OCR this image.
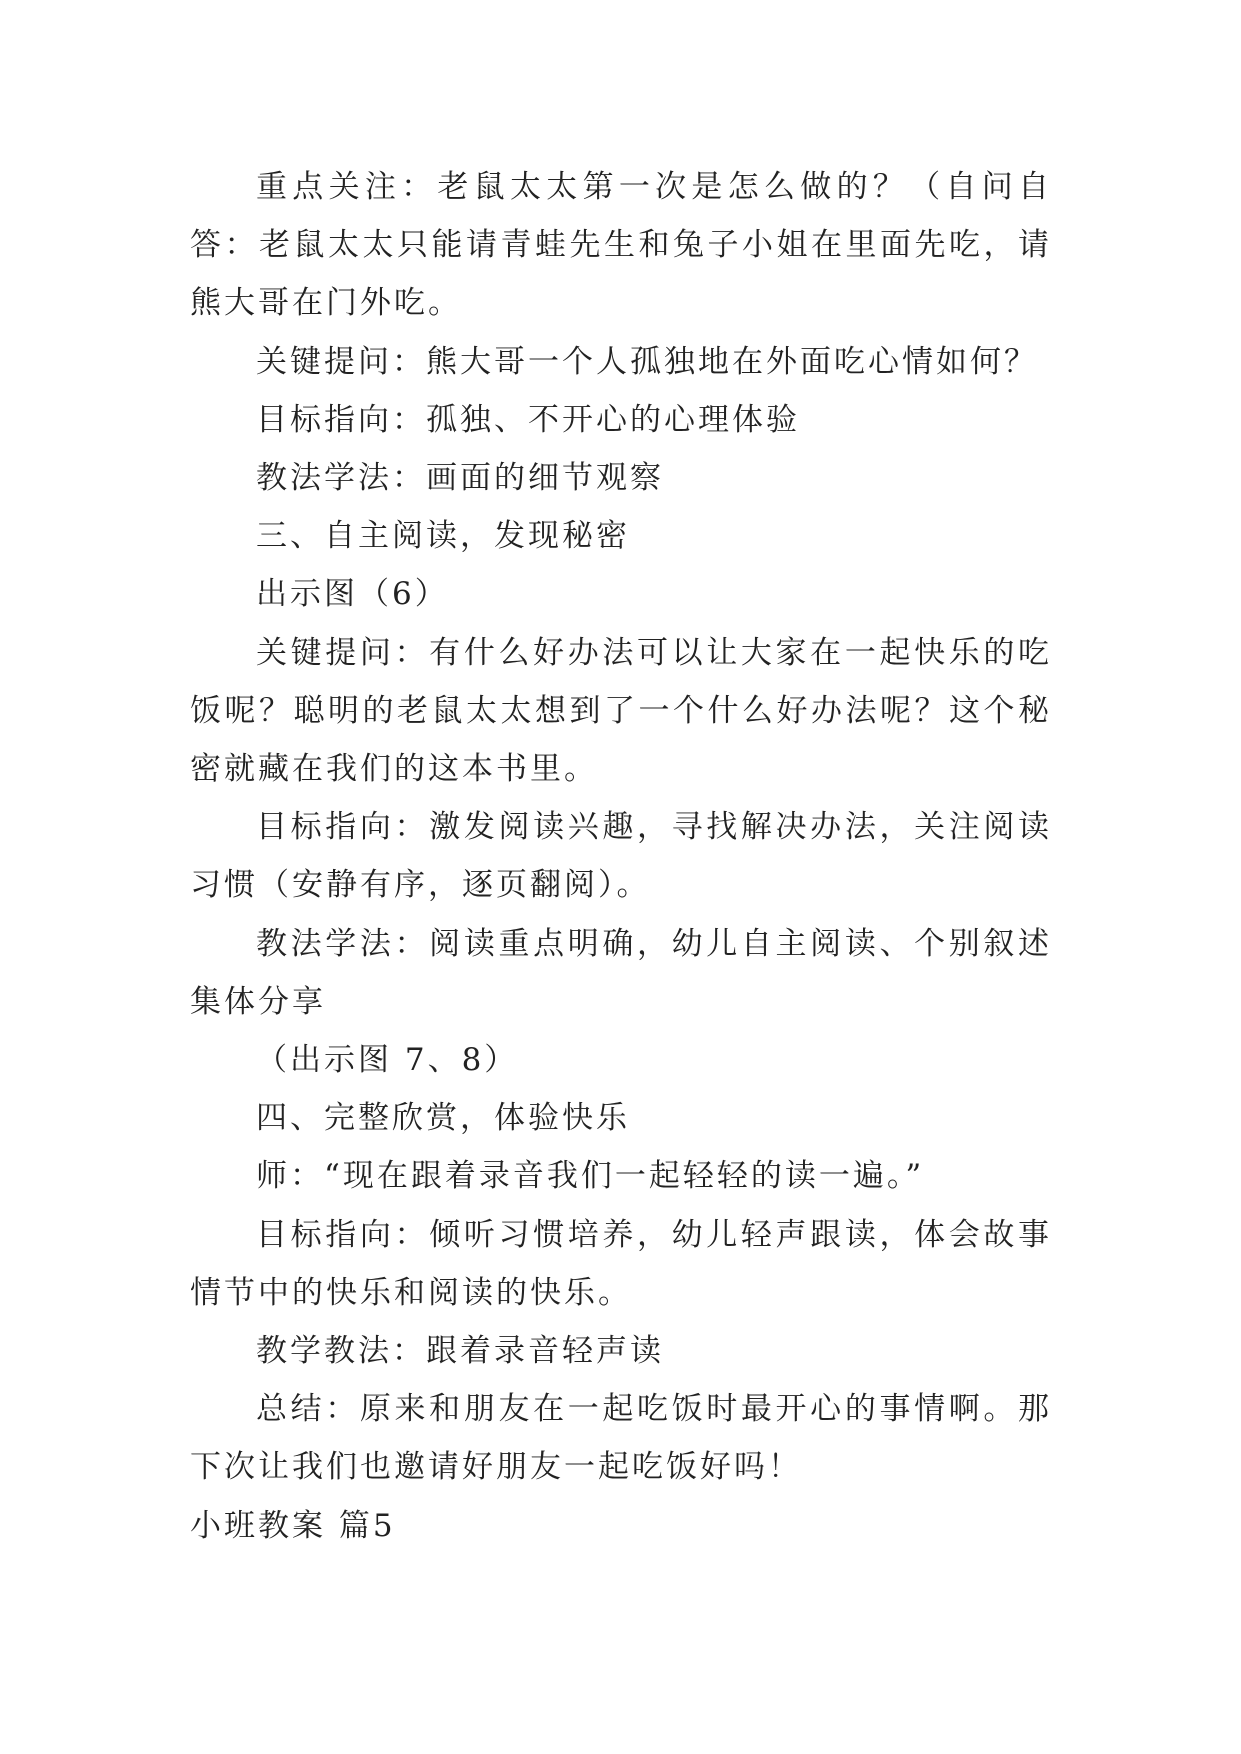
重点关注：老鼠太太第一次是怎么做的？（自问自答：老鼠太太只能请青蛙先生和兔子小姐在里面先吃，请熊大哥在门外吃。

关键提问：熊大哥一个人孤独地在外面吃心情如何？

目标指向：孤独、不开心的心理体验

教法学法：画面的细节观察

三、自主阅读，发现秘密

出示图（6）

关键提问：有什么好办法可以让大家在一起快乐的吃饭呢？聪明的老鼠太太想到了一个什么好办法呢？这个秘密就藏在我们的这本书里。

目标指向：激发阅读兴趣，寻找解决办法，关注阅读习惯（安静有序，逐页翻阅）。

教法学法：阅读重点明确，幼儿自主阅读、个别叙述集体分享

（出示图 7、8）

四、完整欣赏，体验快乐

师：“现在跟着录音我们一起轻轻的读一遍。”

目标指向：倾听习惯培养，幼儿轻声跟读，体会故事情节中的快乐和阅读的快乐。

教学教法：跟着录音轻声读

总结：原来和朋友在一起吃饭时最开心的事情啊。那下次让我们也邀请好朋友一起吃饭好吗！

小班教案 篇5
